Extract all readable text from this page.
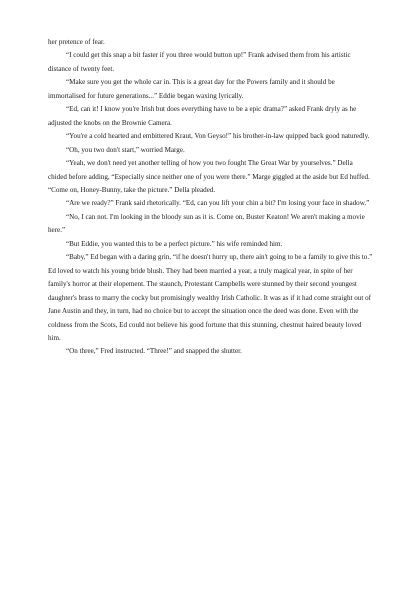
her pretence of fear.

“I could get this snap a bit faster if you three would button up!” Frank advised them from his artistic distance of twenty feet.

“Make sure you get the whole car in. This is a great day for the Powers family and it should be immortalised for future generations...” Eddie began waxing lyrically.

“Ed, can it! I know you're Irish but does everything have to be a epic drama?” asked Frank dryly as he adjusted the knobs on the Brownie Camera.

“You're a cold hearted and embittered Kraut, Von Geyso!” his brother-in-law quipped back good naturedly.

“Oh, you two don't start,” worried Marge.

“Yeah, we don't need yet another telling of how you two fought The Great War by yourselves.” Della chided before adding, “Especially since neither one of you were there.” Marge giggled at the aside but Ed huffed. “Come on, Honey-Bunny, take the picture.” Della pleaded.

“Are we ready?” Frank said rhetorically. “Ed, can you lift your chin a bit? I'm losing your face in shadow.”

“No, I can not. I'm looking in the bloody sun as it is. Come on, Buster Keaton! We aren't making a movie here.”

“But Eddie, you wanted this to be a perfect picture.” his wife reminded him.

“Baby,” Ed began with a daring grin, “if he doesn't hurry up, there ain't going to be a family to give this to.” Ed loved to watch his young bride blush. They had been married a year, a truly magical year, in spite of her family's horror at their elopement. The staunch, Protestant Campbells were stunned by their second youngest daughter's brass to marry the cocky but promisingly wealthy Irish Catholic. It was as if it had come straight out of Jane Austin and they, in turn, had no choice but to accept the situation once the deed was done. Even with the coldness from the Scots, Ed could not believe his good fortune that this stunning, chestnut haired beauty loved him.

“On three,” Fred instructed. “Three!” and snapped the shutter.
